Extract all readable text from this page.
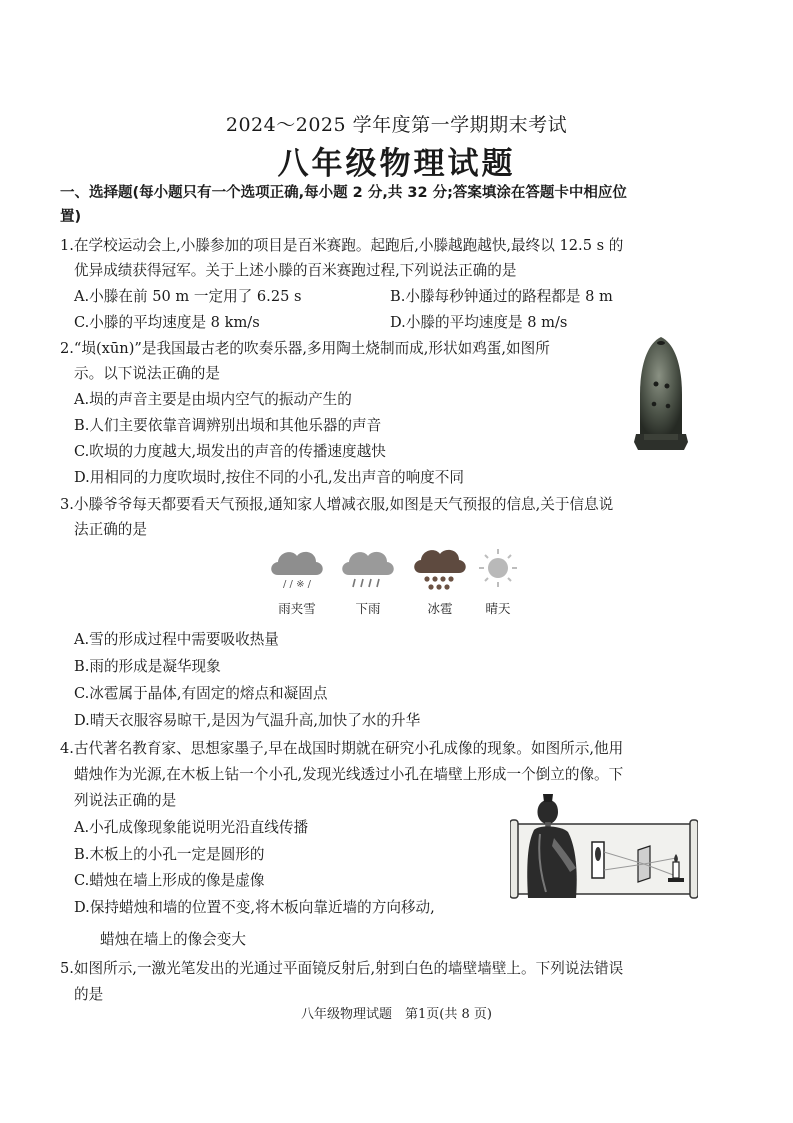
2024～2025 学年度第一学期期末考试
八年级物理试题
一、选择题(每小题只有一个选项正确,每小题 2 分,共 32 分;答案填涂在答题卡中相应位
置)
1.在学校运动会上,小滕参加的项目是百米赛跑。起跑后,小滕越跑越快,最终以 12.5 s 的
优异成绩获得冠军。关于上述小滕的百米赛跑过程,下列说法正确的是
A.小滕在前 50 m 一定用了 6.25 s	B.小滕每秒钟通过的路程都是 8 m
C.小滕的平均速度是 8 km/s	D.小滕的平均速度是 8 m/s
2.“埙(xūn)”是我国最古老的吹奏乐器,多用陶土烧制而成,形状如鸡蛋,如图所
示。以下说法正确的是
A.埙的声音主要是由埙内空气的振动产生的
B.人们主要依靠音调辨别出埙和其他乐器的声音
C.吹埙的力度越大,埙发出的声音的传播速度越快
D.用相同的力度吹埙时,按住不同的小孔,发出声音的响度不同
3.小滕爷爷每天都要看天气预报,通知家人增减衣服,如图是天气预报的信息,关于信息说
法正确的是
/ / ※ /
雨夹雪	下雨	冰雹	晴天
A.雪的形成过程中需要吸收热量
B.雨的形成是凝华现象
C.冰雹属于晶体,有固定的熔点和凝固点
D.晴天衣服容易晾干,是因为气温升高,加快了水的升华
4.古代著名教育家、思想家墨子,早在战国时期就在研究小孔成像的现象。如图所示,他用
蜡烛作为光源,在木板上钻一个小孔,发现光线透过小孔在墙壁上形成一个倒立的像。下
列说法正确的是
A.小孔成像现象能说明光沿直线传播
B.木板上的小孔一定是圆形的
C.蜡烛在墙上形成的像是虚像
D.保持蜡烛和墙的位置不变,将木板向靠近墙的方向移动,
蜡烛在墙上的像会变大
5.如图所示,一激光笔发出的光通过平面镜反射后,射到白色的墙壁墙壁上。下列说法错误
的是
八年级物理试题　第1页(共 8 页)
